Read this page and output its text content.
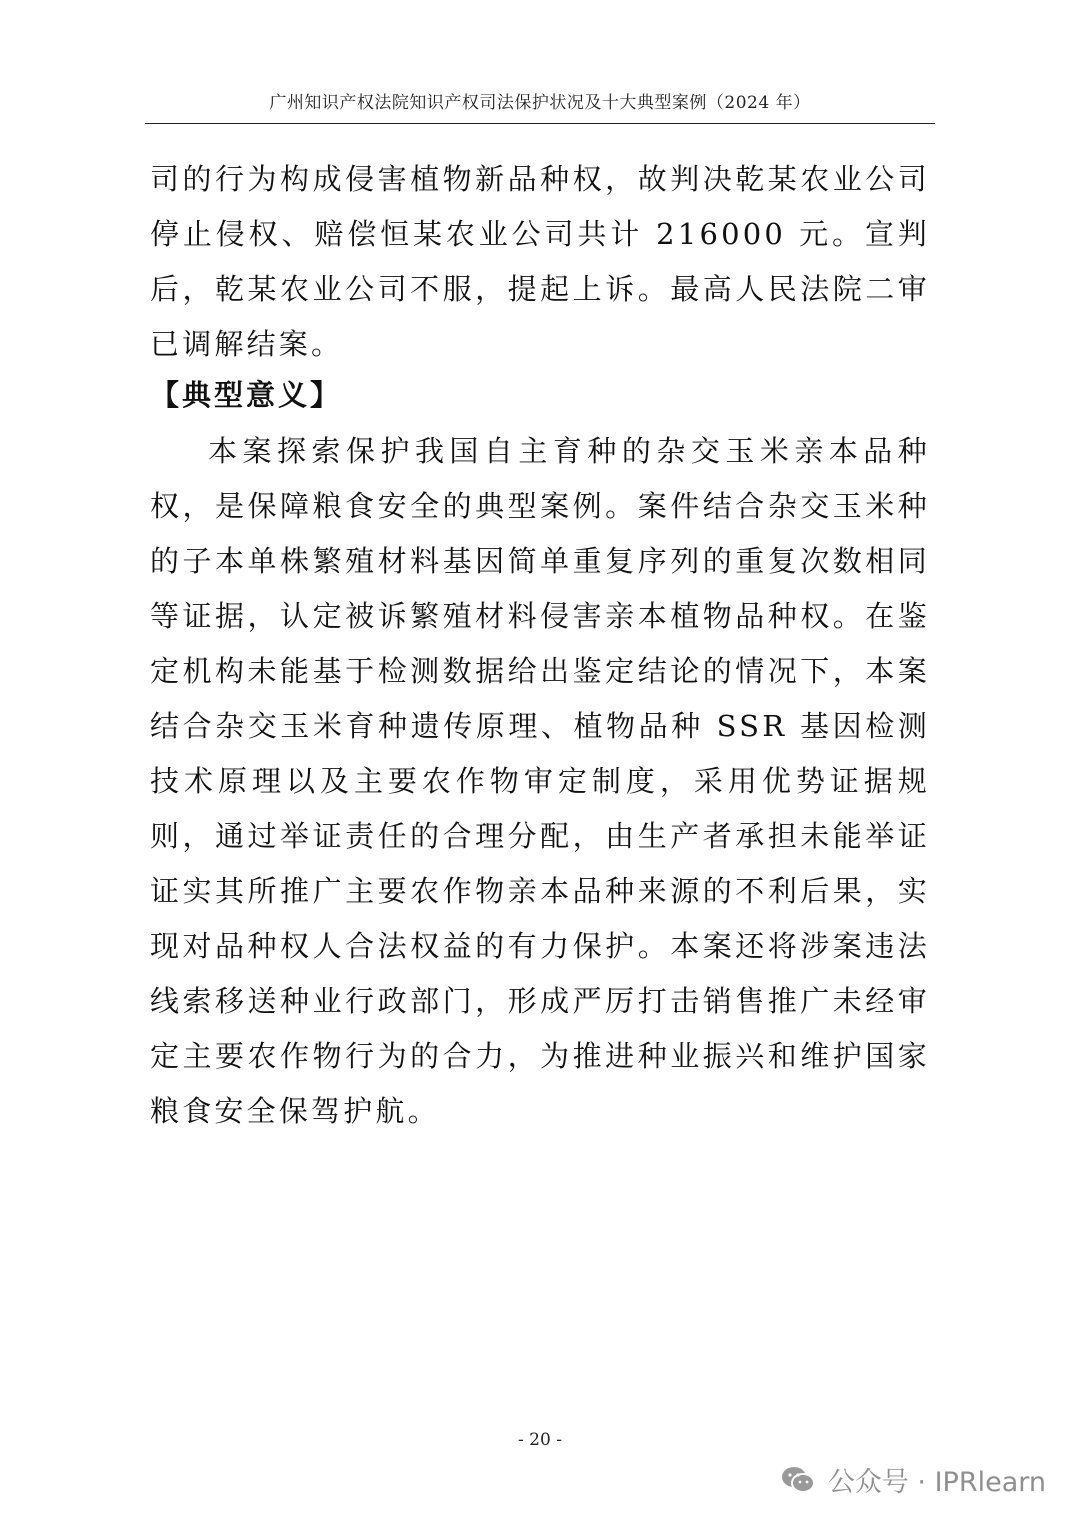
广州知识产权法院知识产权司法保护状况及十大典型案例（2024 年）

司的行为构成侵害植物新品种权，故判决乾某农业公司停止侵权、赔偿恒某农业公司共计 216000 元。宣判后，乾某农业公司不服，提起上诉。最高人民法院二审已调解结案。

【典型意义】

本案探索保护我国自主育种的杂交玉米亲本品种权，是保障粮食安全的典型案例。案件结合杂交玉米种的子本单株繁殖材料基因简单重复序列的重复次数相同等证据，认定被诉繁殖材料侵害亲本植物品种权。在鉴定机构未能基于检测数据给出鉴定结论的情况下，本案结合杂交玉米育种遗传原理、植物品种 SSR 基因检测技术原理以及主要农作物审定制度，采用优势证据规则，通过举证责任的合理分配，由生产者承担未能举证证实其所推广主要农作物亲本品种来源的不利后果，实现对品种权人合法权益的有力保护。本案还将涉案违法线索移送种业行政部门，形成严厉打击销售推广未经审定主要农作物行为的合力，为推进种业振兴和维护国家粮食安全保驾护航。

- 20 -
公众号 · IPRlearn
